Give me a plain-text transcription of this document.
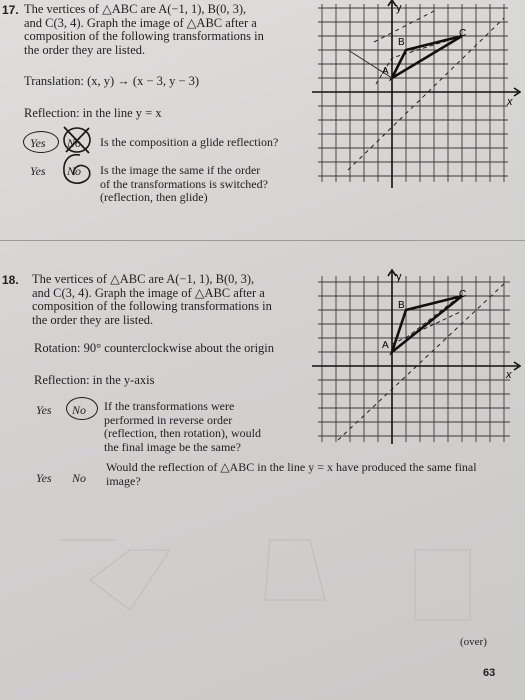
17. The vertices of △ABC are A(−1, 1), B(0, 3),
and C(3, 4). Graph the image of △ABC after a
composition of the following transformations in
the order they are listed.
Translation: (x, y) → (x − 3, y − 3)
Reflection: in the line y = x
Yes No Is the composition a glide reflection?
Yes No Is the image the same if the order
of the transformations is switched?
(reflection, then glide)
y
x
A
B
C
18. The vertices of △ABC are A(−1, 1), B(0, 3),
and C(3, 4). Graph the image of △ABC after a
composition of the following transformations in
the order they are listed.
Rotation: 90° counterclockwise about the origin
Reflection: in the y-axis
Yes No If the transformations were
performed in reverse order
(reflection, then rotation), would
the final image be the same?
Yes No
Would the reflection of △ABC in the line y = x have produced the same final
image?
y
x
A
B
C
(over)
63
